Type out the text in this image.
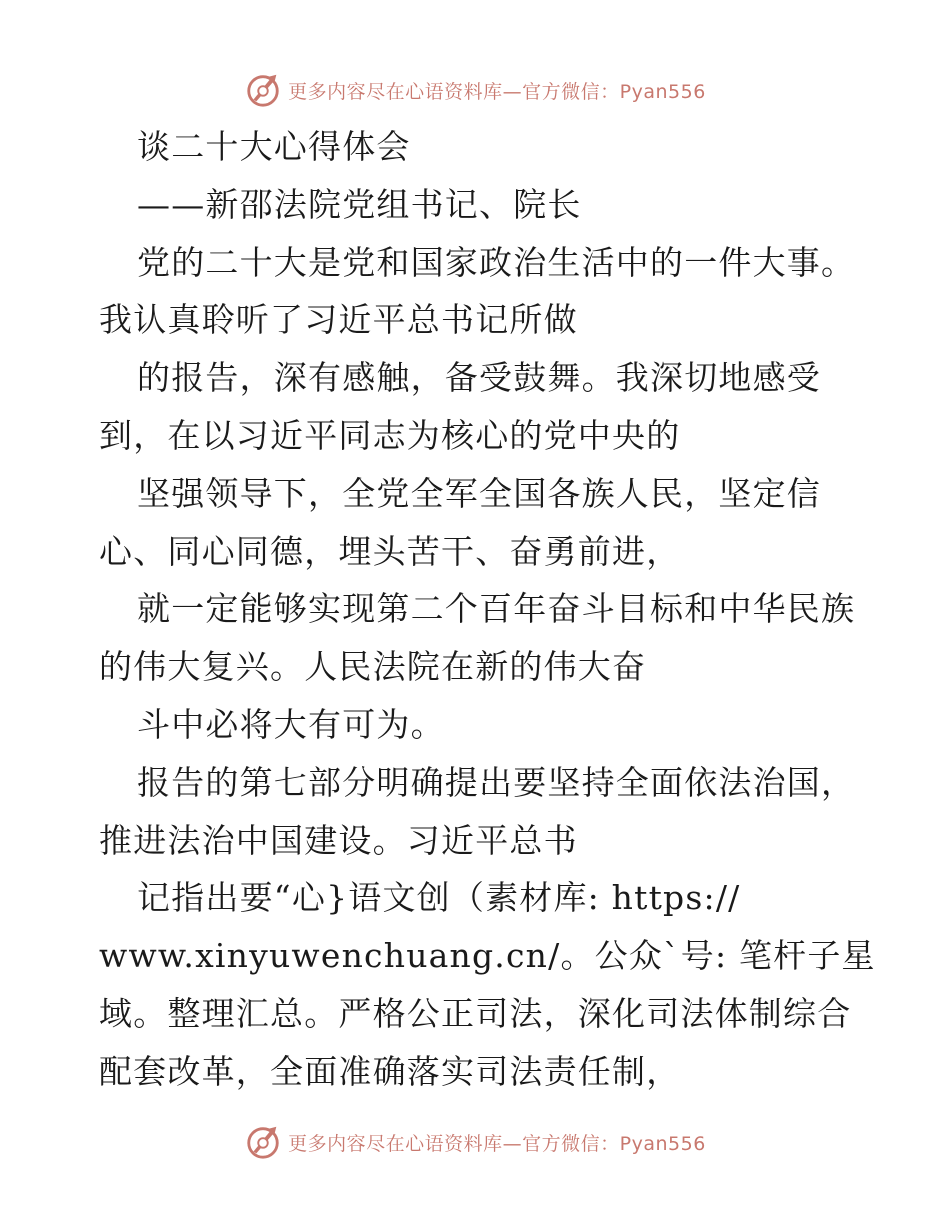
更多内容尽在心语资料库—官方微信：Pyan556
谈二十大心得体会
——新邵法院党组书记、院长
党的二十大是党和国家政治生活中的一件大事。
我认真聆听了习近平总书记所做
的报告，深有感触，备受鼓舞。我深切地感受
到，在以习近平同志为核心的党中央的
坚强领导下，全党全军全国各族人民，坚定信
心、同心同德，埋头苦干、奋勇前进，
就一定能够实现第二个百年奋斗目标和中华民族
的伟大复兴。人民法院在新的伟大奋
斗中必将大有可为。
报告的第七部分明确提出要坚持全面依法治国，
推进法治中国建设。习近平总书
记指出要“心}语文创（素材库: https://
www.xinyuwenchuang.cn/。公众`号: 笔杆子星
域。整理汇总。严格公正司法，深化司法体制综合
配套改革，全面准确落实司法责任制，
更多内容尽在心语资料库—官方微信：Pyan556
